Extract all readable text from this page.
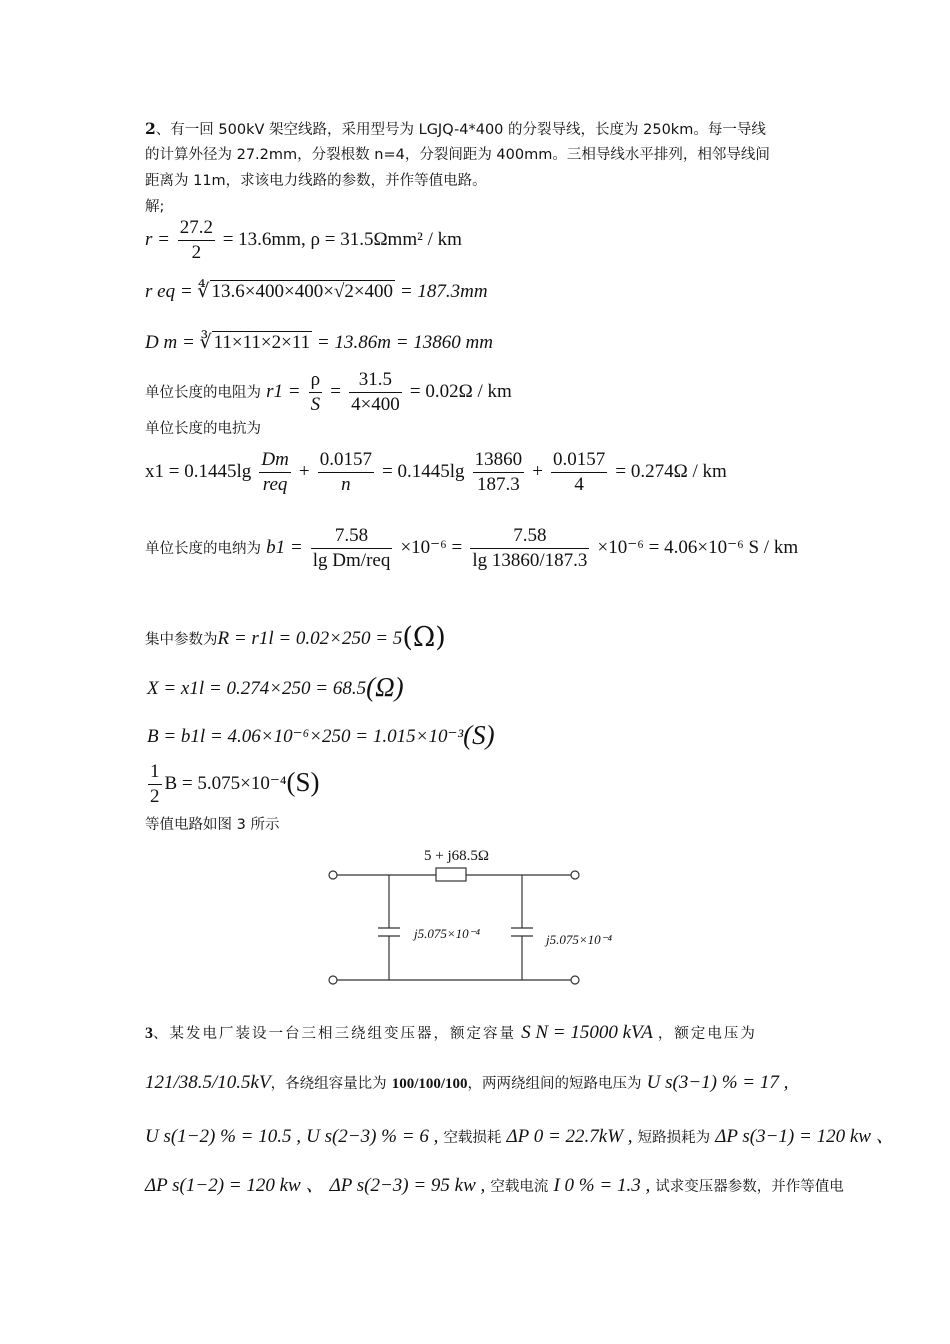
2、有一回 500kV 架空线路，采用型号为 LGJQ-4*400 的分裂导线，长度为 250km。每一导线
的计算外径为 27.2mm，分裂根数 n=4，分裂间距为 400mm。三相导线水平排列，相邻导线间
距离为 11m，求该电力线路的参数，并作等值电路。
解;
$r = \frac{27.2}{2} = 13.6mm$, ρ = 31.5Ωmm² / km
r eq = ∜ 13.6×400×400×√2×400 = 187.3mm
D m = ∛ 11×11×2×11 = 13.86m = 13860 mm
单位长度的电阻为 $r1 = \frac{\rho}{S} = \frac{31.5}{4\times 400} = 0.02\Omega$ / km
单位长度的电抗为
$x1 = 0.1445\lg \frac{Dm}{\text{req}} + \frac{0.0157}{n} = 0.1445\lg \frac{13860}{187.3} + \frac{0.0157}{4} = 0.274\Omega$ / km
单位长度的电纳为 $b1 = \frac{7.58}{\text{lg Dm/req}} \times 10^{-6} = \frac{7.58}{\lg 13860/187.3} \times 10^{-6} = 4.06\times 10^{-6}$ S / km
集中参数为R = r1l = 0.02×250 = 5(Ω)
X = x1l = 0.274×250 = 68.5(Ω)
B = b1l = 4.06×10⁻⁶×250 = 1.015×10⁻³(S)
$\frac{1}{2}$ B = 5.075×10⁻⁴(S)
等值电路如图 3 所示
5 + j68.5Ω
j5.075×10⁻⁴	j5.075×10⁻⁴
3、某发电厂装设一台三相三绕组变压器，额定容量 S N = 15000 kVA ，额定电压为
121/38.5/10.5kV，各绕组容量比为 100/100/100，两两绕组间的短路电压为 U s(3−1) % = 17 ,
U s(1−2) % = 10.5 , U s(2−3) % = 6 , 空载损耗 ΔP 0 = 22.7kW , 短路损耗为 ΔP s(3−1) = 120 kw 、
ΔP s(1−2) = 120 kw 、 ΔP s(2−3) = 95 kw , 空载电流 I 0 % = 1.3 , 试求变压器参数，并作等值电
